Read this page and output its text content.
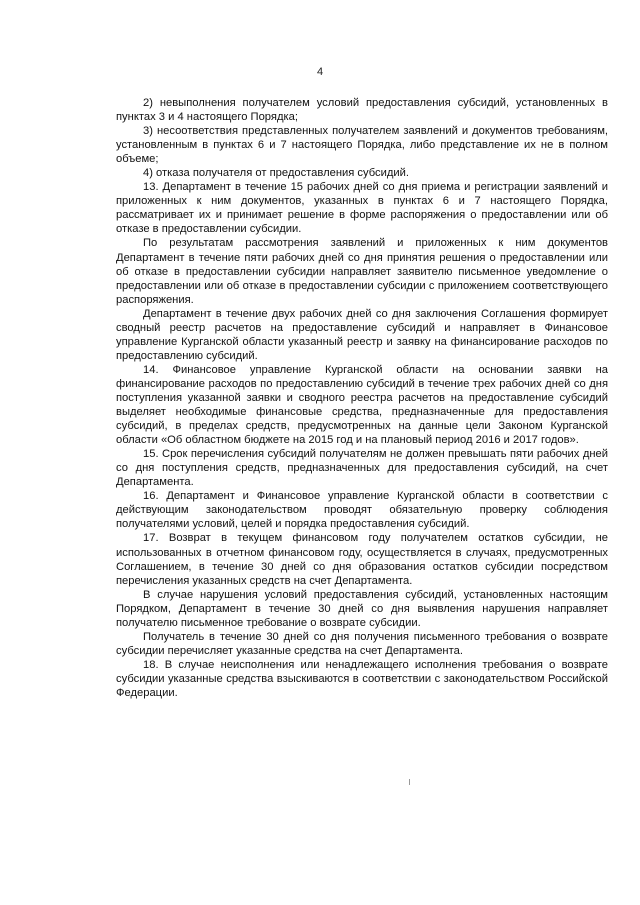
4

2) невыполнения получателем условий предоставления субсидий, установленных в пунктах 3 и 4 настоящего Порядка;

3) несоответствия представленных получателем заявлений и документов требованиям, установленным в пунктах 6 и 7 настоящего Порядка, либо представление их не в полном объеме;

4) отказа получателя от предоставления субсидий.

13. Департамент в течение 15 рабочих дней со дня приема и регистрации заявлений и приложенных к ним документов, указанных в пунктах 6 и 7 настоящего Порядка, рассматривает их и принимает решение в форме распоряжения о предоставлении или об отказе в предоставлении субсидии.

По результатам рассмотрения заявлений и приложенных к ним документов Департамент в течение пяти рабочих дней со дня принятия решения о предоставлении или об отказе в предоставлении субсидии направляет заявителю письменное уведомление о предоставлении или об отказе в предоставлении субсидии с приложением соответствующего распоряжения.

Департамент в течение двух рабочих дней со дня заключения Соглашения формирует сводный реестр расчетов на предоставление субсидий и направляет в Финансовое управление Курганской области указанный реестр и заявку на финансирование расходов по предоставлению субсидий.

14. Финансовое управление Курганской области на основании заявки на финансирование расходов по предоставлению субсидий в течение трех рабочих дней со дня поступления указанной заявки и сводного реестра расчетов на предоставление субсидий выделяет необходимые финансовые средства, предназначенные для предоставления субсидий, в пределах средств, предусмотренных на данные цели Законом Курганской области «Об областном бюджете на 2015 год и на плановый период 2016 и 2017 годов».

15. Срок перечисления субсидий получателям не должен превышать пяти рабочих дней со дня поступления средств, предназначенных для предоставления субсидий, на счет Департамента.

16. Департамент и Финансовое управление Курганской области в соответствии с действующим законодательством проводят обязательную проверку соблюдения получателями условий, целей и порядка предоставления субсидий.

17. Возврат в текущем финансовом году получателем остатков субсидии, не использованных в отчетном финансовом году, осуществляется в случаях, предусмотренных Соглашением, в течение 30 дней со дня образования остатков субсидии посредством перечисления указанных средств на счет Департамента.

В случае нарушения условий предоставления субсидий, установленных настоящим Порядком, Департамент в течение 30 дней со дня выявления нарушения направляет получателю письменное требование о возврате субсидии.

Получатель в течение 30 дней со дня получения письменного требования о возврате субсидии перечисляет указанные средства на счет Департамента.

18. В случае неисполнения или ненадлежащего исполнения требования о возврате субсидии указанные средства взыскиваются в соответствии с законодательством Российской Федерации.
